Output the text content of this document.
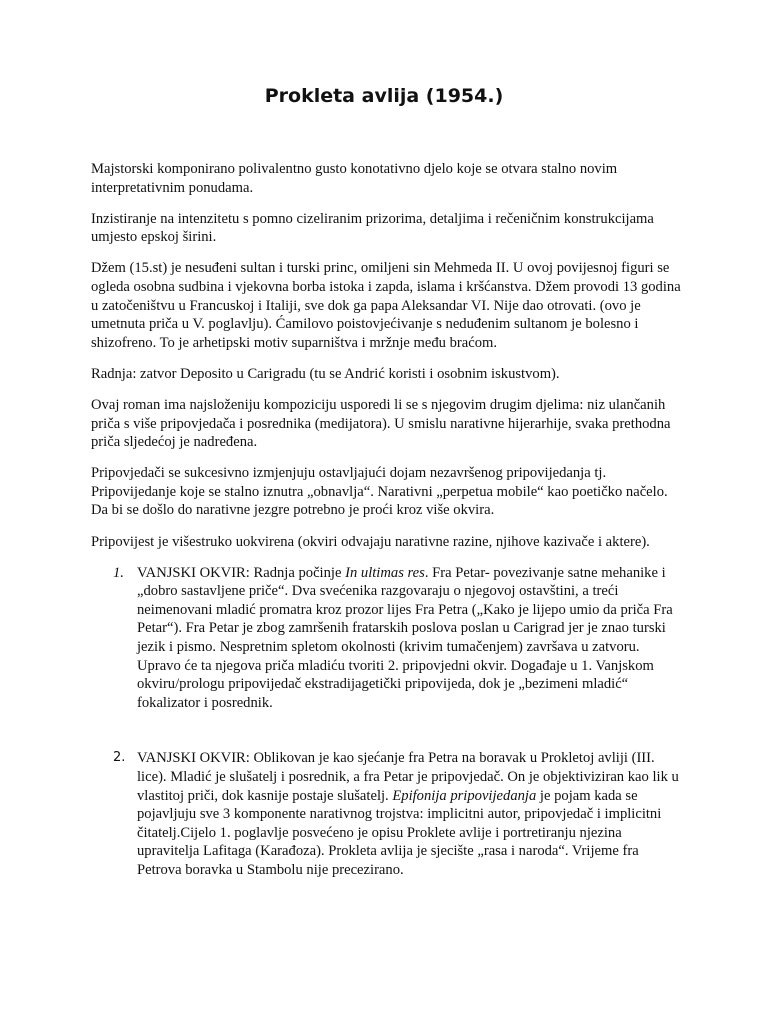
Prokleta avlija (1954.)

Majstorski komponirano polivalentno gusto konotativno djelo koje se otvara stalno novim interpretativnim ponudama.

Inzistiranje na intenzitetu s pomno cizeliranim prizorima, detaljima i rečeničnim konstrukcijama umjesto epskoj širini.

Džem (15.st) je nesuđeni sultan i turski princ, omiljeni sin Mehmeda II. U ovoj povijesnoj figuri se ogleda osobna sudbina i vjekovna borba istoka i zapda, islama i kršćanstva. Džem provodi 13 godina u zatočeništvu u Francuskoj i Italiji, sve dok ga papa Aleksandar VI. Nije dao otrovati. (ovo je umetnuta priča u V. poglavlju). Ćamilovo poistovjećivanje s neduđenim sultanom je bolesno i shizofreno. To je arhetipski motiv suparništva i mržnje među braćom.

Radnja: zatvor Deposito u Carigradu (tu se Andrić koristi i osobnim iskustvom).

Ovaj roman ima najsloženiju kompoziciju usporedi li se s njegovim drugim djelima: niz ulančanih priča s više pripovjedača i posrednika (medijatora). U smislu narativne hijerarhije, svaka prethodna priča sljedećoj je nadređena.

Pripovjedači se sukcesivno izmjenjuju ostavljajući dojam nezavršenog pripovijedanja tj. Pripovijedanje koje se stalno iznutra „obnavlja“. Narativni „perpetua mobile“ kao poetičko načelo. Da bi se došlo do narativne jezgre potrebno je proći kroz više okvira.

Pripovijest je višestruko uokvirena (okviri odvajaju narativne razine, njihove kazivače i aktere).

1. VANJSKI OKVIR: Radnja počinje In ultimas res. Fra Petar- povezivanje satne mehanike i „dobro sastavljene priče“. Dva svećenika razgovaraju o njegovoj ostavštini, a treći neimenovani mladić promatra kroz prozor lijes Fra Petra („Kako je lijepo umio da priča Fra Petar“). Fra Petar je zbog zamršenih fratarskih poslova poslan u Carigrad jer je znao turski jezik i pismo. Nespretnim spletom okolnosti (krivim tumačenjem) završava u zatvoru. Upravo će ta njegova priča mladiću tvoriti 2. pripovjedni okvir. Događaje u 1. Vanjskom okviru/prologu pripovijedač ekstradijagetički pripovijeda, dok je „bezimeni mladić“ fokalizator i posrednik.
2. VANJSKI OKVIR: Oblikovan je kao sjećanje fra Petra na boravak u Prokletoj avliji (III. lice). Mladić je slušatelj i posrednik, a fra Petar je pripovjedač. On je objektiviziran kao lik u vlastitoj priči, dok kasnije postaje slušatelj. Epifonija pripovijedanja je pojam kada se pojavljuju sve 3 komponente narativnog trojstva: implicitni autor, pripovjedač i implicitni čitatelj.Cijelo 1. poglavlje posvećeno je opisu Proklete avlije i portretiranju njezina upravitelja Lafitaga (Karađoza). Prokleta avlija je sjecište „rasa i naroda“. Vrijeme fra Petrova boravka u Stambolu nije precezirano.
